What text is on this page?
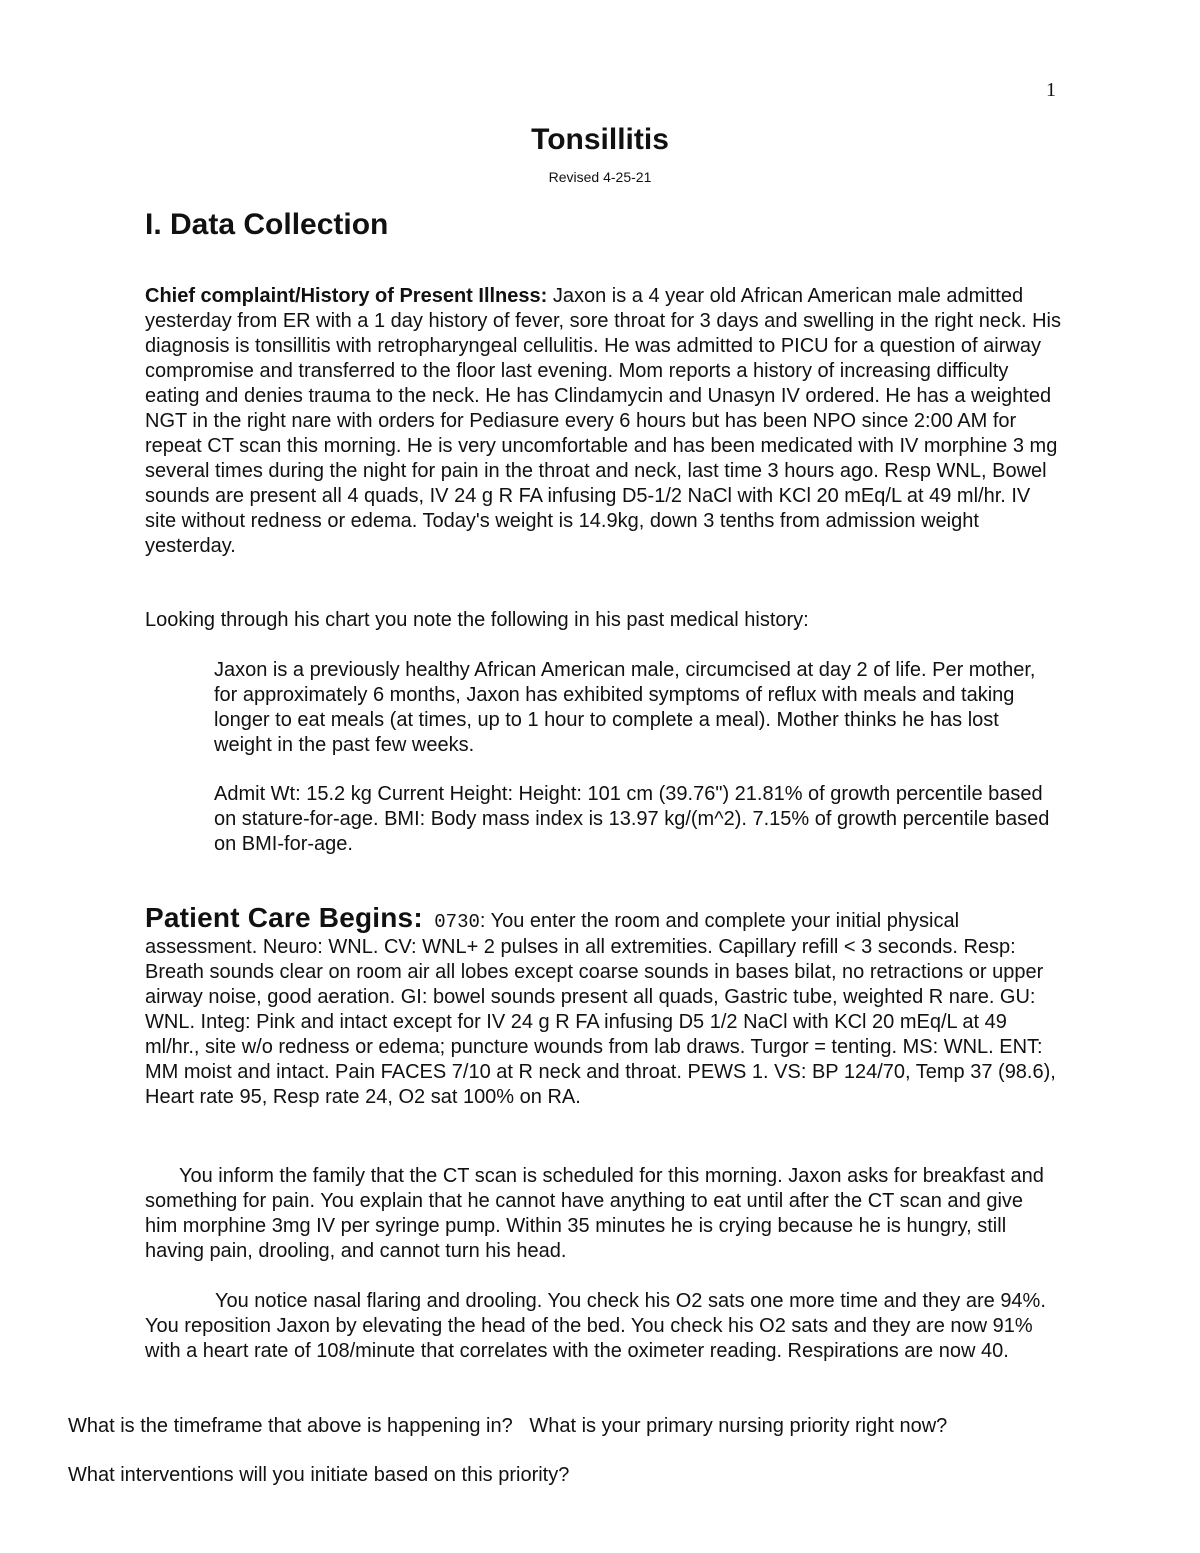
1
Tonsillitis
Revised 4-25-21
I. Data Collection

Chief complaint/History of Present Illness: Jaxon is a 4 year old African American male admitted yesterday from ER with a 1 day history of fever, sore throat for 3 days and swelling in the right neck. His diagnosis is tonsillitis with retropharyngeal cellulitis. He was admitted to PICU for a question of airway compromise and transferred to the floor last evening. Mom reports a history of increasing difficulty eating and denies trauma to the neck. He has Clindamycin and Unasyn IV ordered. He has a weighted NGT in the right nare with orders for Pediasure every 6 hours but has been NPO since 2:00 AM for repeat CT scan this morning. He is very uncomfortable and has been medicated with IV morphine 3 mg several times during the night for pain in the throat and neck, last time 3 hours ago. Resp WNL, Bowel sounds are present all 4 quads, IV 24 g R FA infusing D5-1/2 NaCl with KCl 20 mEq/L at 49 ml/hr. IV site without redness or edema. Today's weight is 14.9kg, down 3 tenths from admission weight yesterday.

Looking through his chart you note the following in his past medical history:

Jaxon is a previously healthy African American male, circumcised at day 2 of life. Per mother, for approximately 6 months, Jaxon has exhibited symptoms of reflux with meals and taking longer to eat meals (at times, up to 1 hour to complete a meal). Mother thinks he has lost weight in the past few weeks.

Admit Wt: 15.2 kg Current Height: Height: 101 cm (39.76") 21.81% of growth percentile based on stature-for-age. BMI: Body mass index is 13.97 kg/(m^2). 7.15% of growth percentile based on BMI-for-age.

Patient Care Begins: 0730: You enter the room and complete your initial physical assessment. Neuro: WNL. CV: WNL+ 2 pulses in all extremities. Capillary refill < 3 seconds. Resp: Breath sounds clear on room air all lobes except coarse sounds in bases bilat, no retractions or upper airway noise, good aeration. GI: bowel sounds present all quads, Gastric tube, weighted R nare. GU: WNL. Integ: Pink and intact except for IV 24 g R FA infusing D5 1/2 NaCl with KCl 20 mEq/L at 49 ml/hr., site w/o redness or edema; puncture wounds from lab draws. Turgor = tenting. MS: WNL. ENT: MM moist and intact. Pain FACES 7/10 at R neck and throat. PEWS 1. VS: BP 124/70, Temp 37 (98.6), Heart rate 95, Resp rate 24, O2 sat 100% on RA.

You inform the family that the CT scan is scheduled for this morning. Jaxon asks for breakfast and something for pain. You explain that he cannot have anything to eat until after the CT scan and give him morphine 3mg IV per syringe pump. Within 35 minutes he is crying because he is hungry, still having pain, drooling, and cannot turn his head.

You notice nasal flaring and drooling. You check his O2 sats one more time and they are 94%. You reposition Jaxon by elevating the head of the bed. You check his O2 sats and they are now 91% with a heart rate of 108/minute that correlates with the oximeter reading. Respirations are now 40.

What is the timeframe that above is happening in?   What is your primary nursing priority right now?

What interventions will you initiate based on this priority?
